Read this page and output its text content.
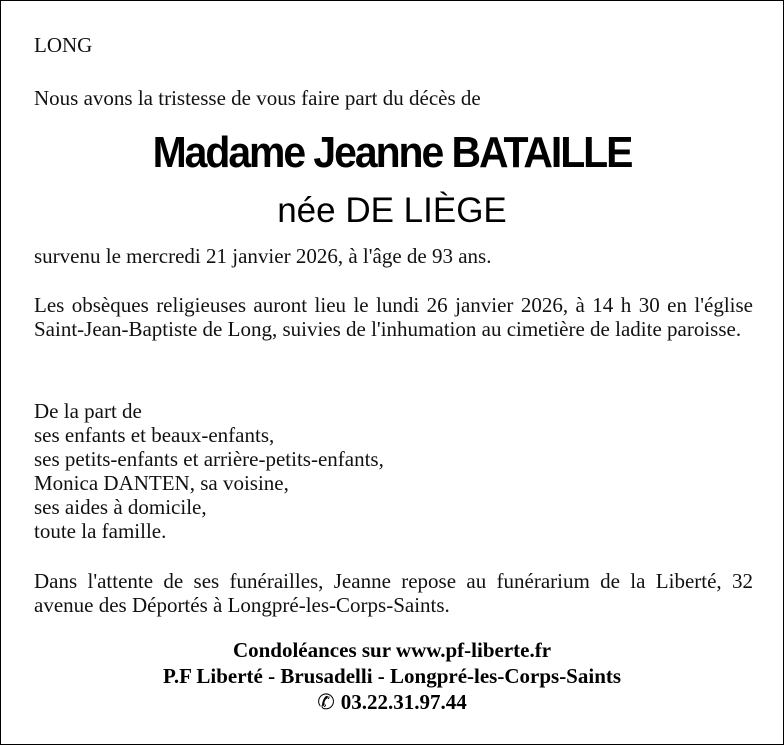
LONG

Nous avons la tristesse de vous faire part du décès de

Madame Jeanne BATAILLE
née DE LIÈGE

survenu le mercredi 21 janvier 2026, à l'âge de 93 ans.

Les obsèques religieuses auront lieu le lundi 26 janvier 2026, à 14 h 30 en l'église Saint-Jean-Baptiste de Long, suivies de l'inhumation au cimetière de ladite paroisse.

De la part de
ses enfants et beaux-enfants,
ses petits-enfants et arrière-petits-enfants,
Monica DANTEN, sa voisine,
ses aides à domicile,
toute la famille.

Dans l'attente de ses funérailles, Jeanne repose au funérarium de la Liberté, 32 avenue des Déportés à Longpré-les-Corps-Saints.

Condoléances sur www.pf-liberte.fr
P.F Liberté - Brusadelli - Longpré-les-Corps-Saints
✆ 03.22.31.97.44
